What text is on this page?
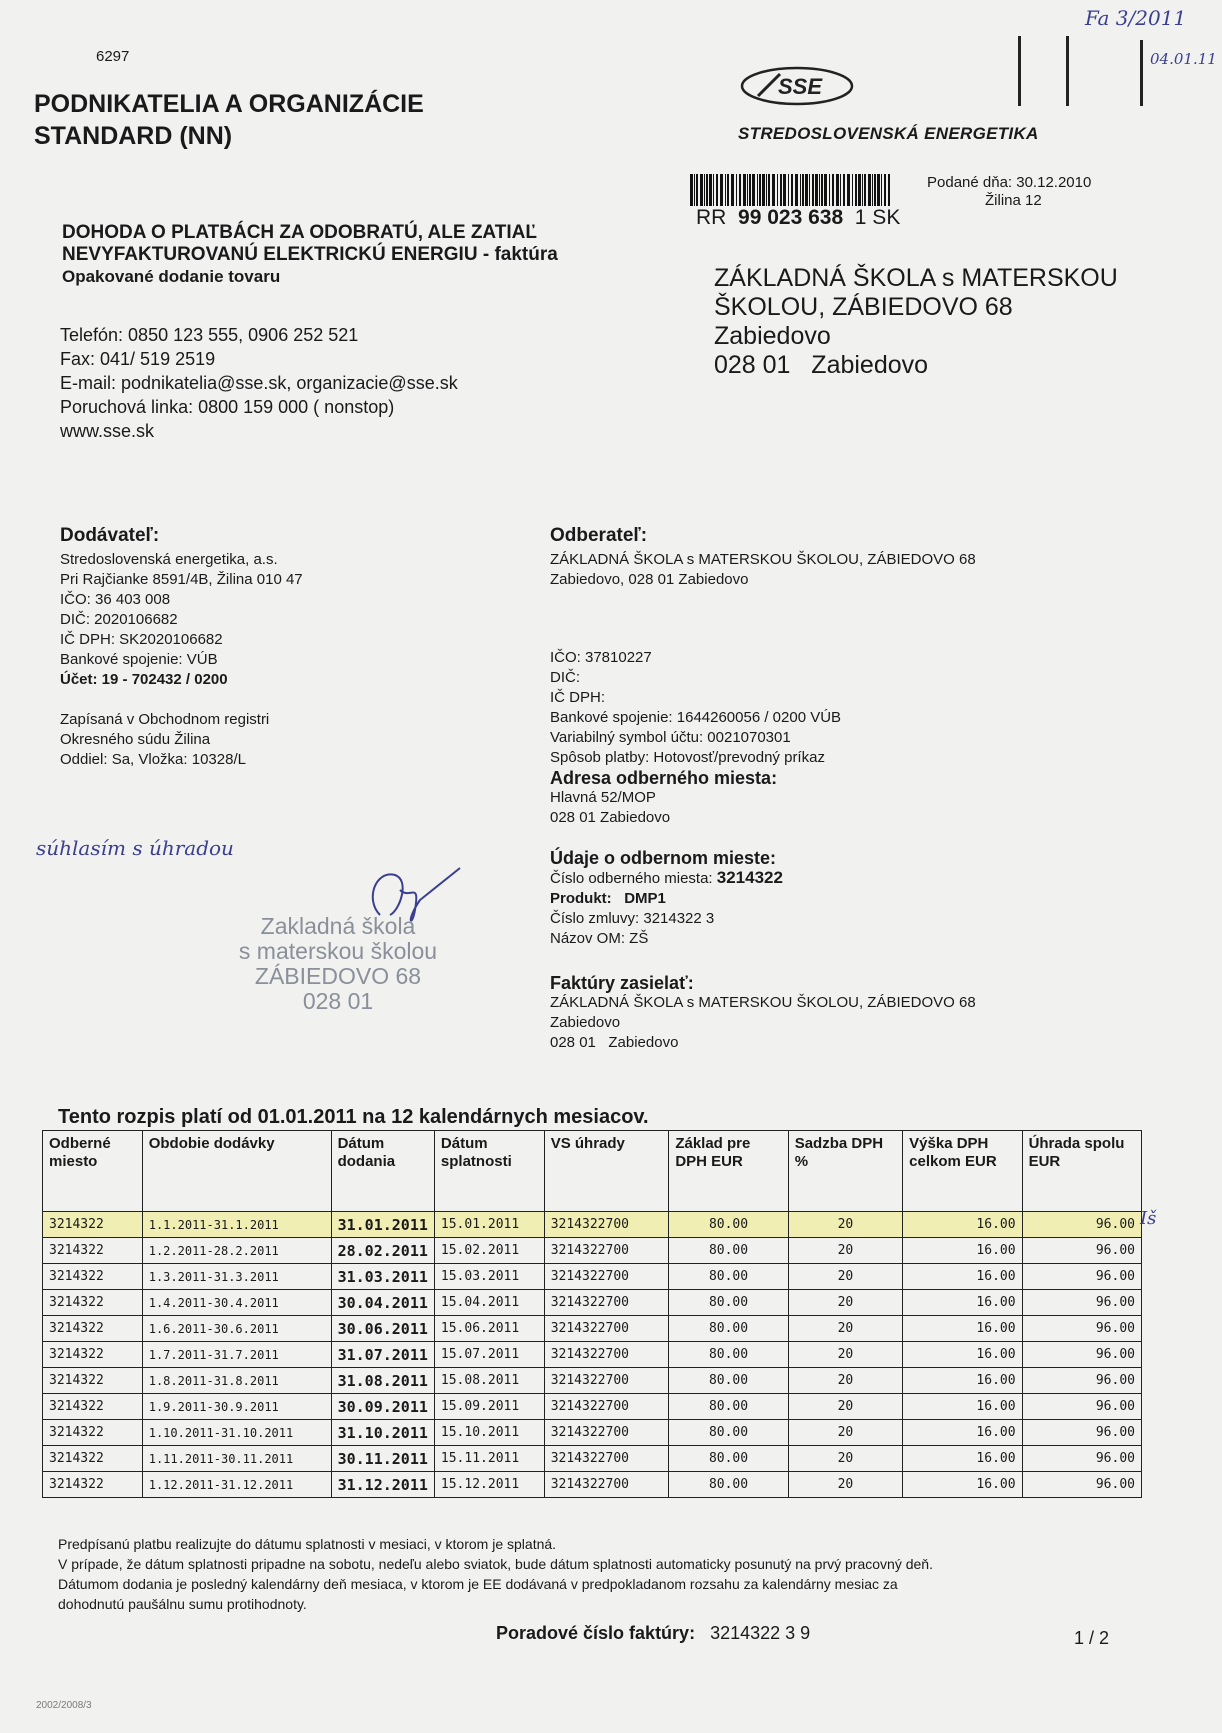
6297
PODNIKATELIA A ORGANIZÁCIE
STANDARD (NN)
Fa 3/2011
04.01.11
SSE
STREDOSLOVENSKÁ ENERGETIKA
RR 99 023 638 1 SK
Podané dňa: 30.12.2010
Žilina 12
DOHODA O PLATBÁCH ZA ODOBRATÚ, ALE ZATIAĽ
NEVYFAKTUROVANÚ ELEKTRICKÚ ENERGIU - faktúra
Opakované dodanie tovaru	ZÁKLADNÁ ŠKOLA s MATERSKOU
ŠKOLOU, ZÁBIEDOVO 68
Zabiedovo
028 01   Zabiedovo
Telefón: 0850 123 555, 0906 252 521
Fax: 041/ 519 2519
E-mail: podnikatelia@sse.sk, organizacie@sse.sk
Poruchová linka: 0800 159 000 ( nonstop)
www.sse.sk
Dodávateľ:
Stredoslovenská energetika, a.s.
Pri Rajčianke 8591/4B, Žilina 010 47
IČO: 36 403 008
DIČ: 2020106682
IČ DPH: SK2020106682
Bankové spojenie: VÚB
Účet: 19 - 702432 / 0200
Zapísaná v Obchodnom registri
Okresného súdu Žilina
Oddiel: Sa, Vložka: 10328/L
Odberateľ:
ZÁKLADNÁ ŠKOLA s MATERSKOU ŠKOLOU, ZÁBIEDOVO 68
Zabiedovo, 028 01 Zabiedovo
IČO: 37810227
DIČ:
IČ DPH:
Bankové spojenie: 1644260056 / 0200 VÚB
Variabilný symbol účtu: 0021070301
Spôsob platby: Hotovosť/prevodný príkaz
Adresa odberného miesta:
Hlavná 52/MOP
028 01 Zabiedovo
Údaje o odbernom mieste:
Číslo odberného miesta: 3214322
Produkt: DMP1
Číslo zmluvy: 3214322 3
Názov OM: ZŠ
Faktúry zasielať:
ZÁKLADNÁ ŠKOLA s MATERSKOU ŠKOLOU, ZÁBIEDOVO 68
Zabiedovo
028 01   Zabiedovo
súhlasím s úhradou
Zakladná škola
s materskou školou
ZÁBIEDOVO 68
028 01
Tento rozpis platí od 01.01.2011 na 12 kalendárnych mesiacov.
Odberné miesto	Obdobie dodávky	Dátum dodania	Dátum splatnosti	VS úhrady	Základ pre DPH EUR	Sadzba DPH %	Výška DPH celkom EUR	Úhrada spolu EUR
3214322	1.1.2011-31.1.2011	31.01.2011	15.01.2011	3214322700	80.00	20	16.00	96.00
3214322	1.2.2011-28.2.2011	28.02.2011	15.02.2011	3214322700	80.00	20	16.00	96.00
3214322	1.3.2011-31.3.2011	31.03.2011	15.03.2011	3214322700	80.00	20	16.00	96.00
3214322	1.4.2011-30.4.2011	30.04.2011	15.04.2011	3214322700	80.00	20	16.00	96.00
3214322	1.6.2011-30.6.2011	30.06.2011	15.06.2011	3214322700	80.00	20	16.00	96.00
3214322	1.7.2011-31.7.2011	31.07.2011	15.07.2011	3214322700	80.00	20	16.00	96.00
3214322	1.8.2011-31.8.2011	31.08.2011	15.08.2011	3214322700	80.00	20	16.00	96.00
3214322	1.9.2011-30.9.2011	30.09.2011	15.09.2011	3214322700	80.00	20	16.00	96.00
3214322	1.10.2011-31.10.2011	31.10.2011	15.10.2011	3214322700	80.00	20	16.00	96.00
3214322	1.11.2011-30.11.2011	30.11.2011	15.11.2011	3214322700	80.00	20	16.00	96.00
3214322	1.12.2011-31.12.2011	31.12.2011	15.12.2011	3214322700	80.00	20	16.00	96.00
Iš
Predpísanú platbu realizujte do dátumu splatnosti v mesiaci, v ktorom je splatná.
V prípade, že dátum splatnosti pripadne na sobotu, nedeľu alebo sviatok, bude dátum splatnosti automaticky posunutý na prvý pracovný deň.
Dátumom dodania je posledný kalendárny deň mesiaca, v ktorom je EE dodávaná v predpokladanom rozsahu za kalendárny mesiac za
dohodnutú paušálnu sumu protihodnoty.
Poradové číslo faktúry: 3214322 3 9	1 / 2
2002/2008/3
